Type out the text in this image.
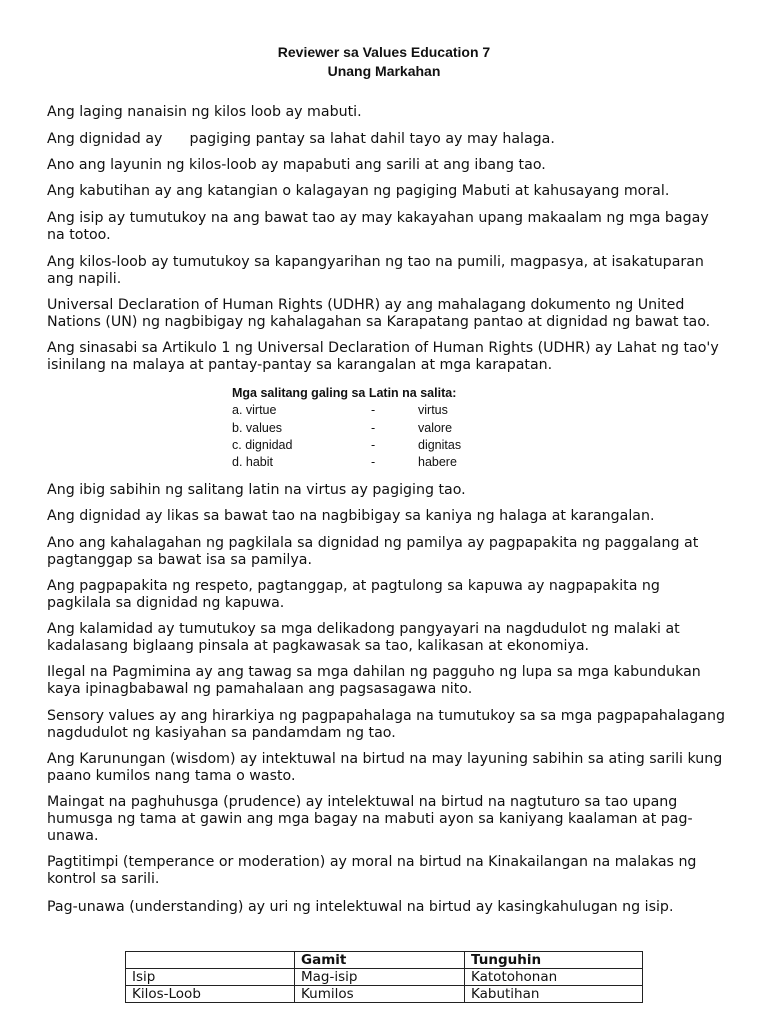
Reviewer sa Values Education 7
Unang Markahan

Ang laging nanaisin ng kilos loob ay mabuti.

Ang dignidad ay      pagiging pantay sa lahat dahil tayo ay may halaga.

Ano ang layunin ng kilos-loob ay mapabuti ang sarili at ang ibang tao.

Ang kabutihan ay ang katangian o kalagayan ng pagiging Mabuti at kahusayang moral.

Ang isip ay tumutukoy na ang bawat tao ay may kakayahan upang makaalam ng mga bagay na totoo.

Ang kilos-loob ay tumutukoy sa kapangyarihan ng tao na pumili, magpasya, at isakatuparan ang napili.

Universal Declaration of Human Rights (UDHR) ay ang mahalagang dokumento ng United Nations (UN) ng nagbibigay ng kahalagahan sa Karapatang pantao at dignidad ng bawat tao.

Ang sinasabi sa Artikulo 1 ng Universal Declaration of Human Rights (UDHR) ay Lahat ng tao'y isinilang na malaya at pantay-pantay sa karangalan at mga karapatan.

Mga salitang galing sa Latin na salita:
a. virtue	-	virtus
b. values	-	valore
c. dignidad	-	dignitas
d. habit	-	habere

Ang ibig sabihin ng salitang latin na virtus ay pagiging tao.

Ang dignidad ay likas sa bawat tao na nagbibigay sa kaniya ng halaga at karangalan.

Ano ang kahalagahan ng pagkilala sa dignidad ng pamilya ay pagpapakita ng paggalang at pagtanggap sa bawat isa sa pamilya.

Ang pagpapakita ng respeto, pagtanggap, at pagtulong sa kapuwa ay nagpapakita ng pagkilala sa dignidad ng kapuwa.

Ang kalamidad ay tumutukoy sa mga delikadong pangyayari na nagdudulot ng malaki at kadalasang biglaang pinsala at pagkawasak sa tao, kalikasan at ekonomiya.

Ilegal na Pagmimina ay ang tawag sa mga dahilan ng pagguho ng lupa sa mga kabundukan kaya ipinagbabawal ng pamahalaan ang pagsasagawa nito.

Sensory values ay ang hirarkiya ng pagpapahalaga na tumutukoy sa sa mga pagpapahalagang nagdudulot ng kasiyahan sa pandamdam ng tao.

Ang Karunungan (wisdom) ay intektuwal na birtud na may layuning sabihin sa ating sarili kung paano kumilos nang tama o wasto.

Maingat na paghuhusga (prudence) ay intelektuwal na birtud na nagtuturo sa tao upang humusga ng tama at gawin ang mga bagay na mabuti ayon sa kaniyang kaalaman at pag-unawa.

Pagtitimpi (temperance or moderation) ay moral na birtud na Kinakailangan na malakas ng kontrol sa sarili.

Pag-unawa (understanding) ay uri ng intelektuwal na birtud ay kasingkahulugan ng isip.

	Gamit	Tunguhin
Isip	Mag-isip	Katotohonan
Kilos-Loob	Kumilos	Kabutihan
